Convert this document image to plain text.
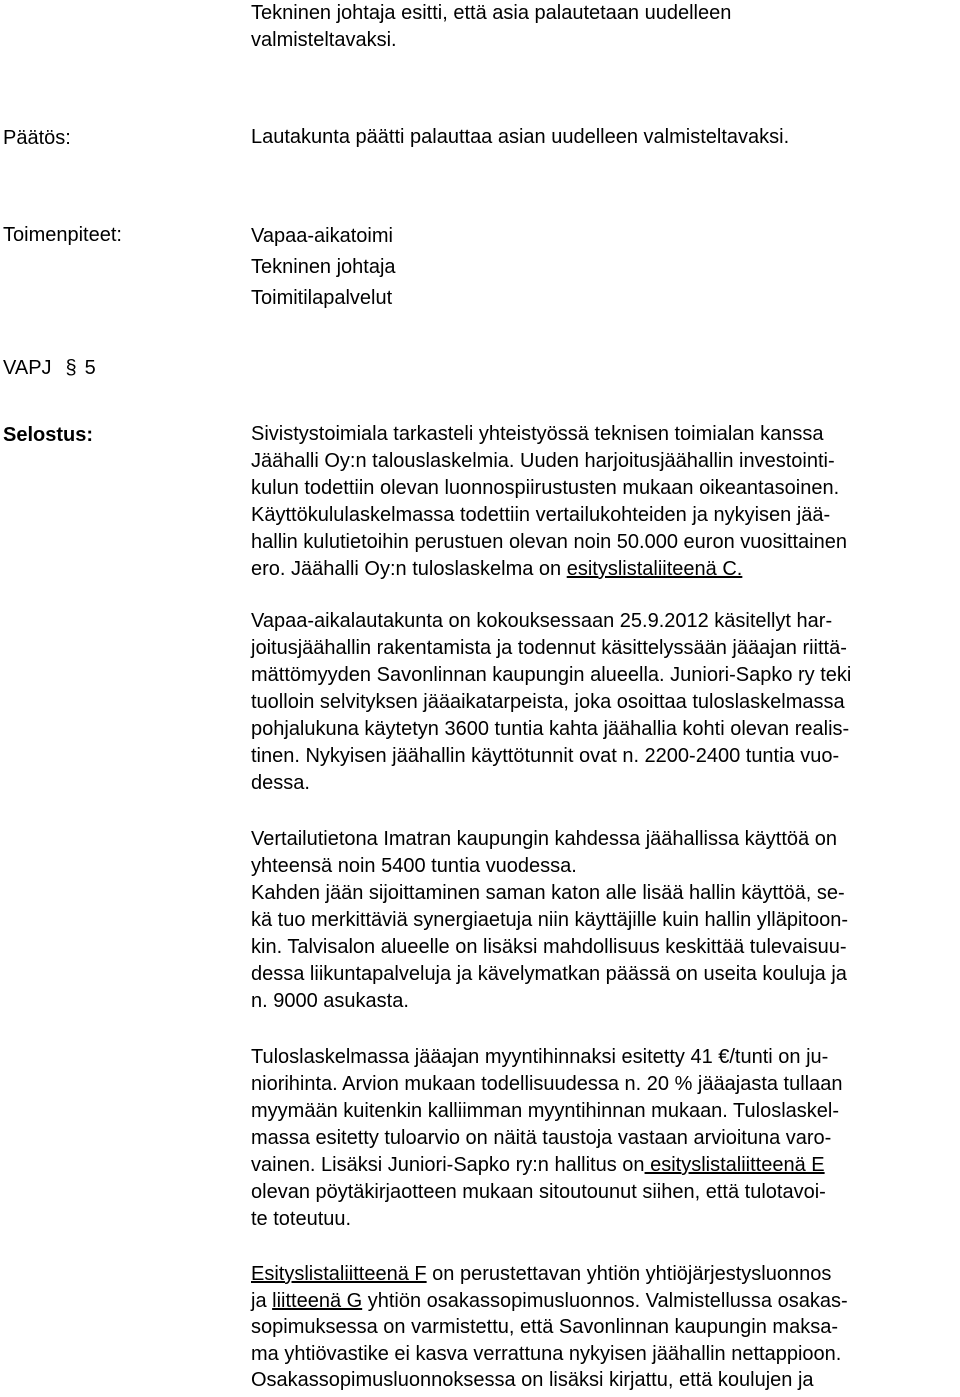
Tekninen johtaja esitti, että asia palautetaan uudelleen
valmisteltavaksi.
Päätös:	Lautakunta päätti palauttaa asian uudelleen valmisteltavaksi.
Toimenpiteet:	Vapaa-aikatoimi
Tekninen johtaja
Toimitilapalvelut
VAPJ § 5
Selostus:	Sivistystoimiala tarkasteli yhteistyössä teknisen toimialan kanssa
Jäähalli Oy:n talouslaskelmia. Uuden harjoitusjäähallin investointi-
kulun todettiin olevan luonnospiirustusten mukaan oikeantasoinen.
Käyttökululaskelmassa todettiin vertailukohteiden ja nykyisen jää-
hallin kulutietoihin perustuen olevan noin 50.000 euron vuosittainen
ero. Jäähalli Oy:n tuloslaskelma on esityslistaliiteenä C.
Vapaa-aikalautakunta on kokouksessaan 25.9.2012 käsitellyt har-
joitusjäähallin rakentamista ja todennut käsittelyssään jääajan riittä-
mättömyyden Savonlinnan kaupungin alueella. Juniori-Sapko ry teki
tuolloin selvityksen jääaikatarpeista, joka osoittaa tuloslaskelmassa
pohjalukuna käytetyn 3600 tuntia kahta jäähallia kohti olevan realis-
tinen. Nykyisen jäähallin käyttötunnit ovat n. 2200-2400 tuntia vuo-
dessa.
Vertailutietona Imatran kaupungin kahdessa jäähallissa käyttöä on
yhteensä noin 5400 tuntia vuodessa.
Kahden jään sijoittaminen saman katon alle lisää hallin käyttöä, se-
kä tuo merkittäviä synergiaetuja niin käyttäjille kuin hallin ylläpitoon-
kin. Talvisalon alueelle on lisäksi mahdollisuus keskittää tulevaisuu-
dessa liikuntapalveluja ja kävelymatkan päässä on useita kouluja ja
n. 9000 asukasta.
Tuloslaskelmassa jääajan myyntihinnaksi esitetty 41 €/tunti on ju-
niorihinta. Arvion mukaan todellisuudessa n. 20 % jääajasta tullaan
myymään kuitenkin kalliimman myyntihinnan mukaan. Tuloslaskel-
massa esitetty tuloarvio on näitä taustoja vastaan arvioituna varo-
vainen. Lisäksi Juniori-Sapko ry:n hallitus on esityslistaliitteenä E
olevan pöytäkirjaotteen mukaan sitoutounut siihen, että tulotavoi-
te toteutuu.
Esityslistaliitteenä F on perustettavan yhtiön yhtiöjärjestysluonnos
ja liitteenä G yhtiön osakassopimusluonnos. Valmistellussa osakas-
sopimuksessa on varmistettu, että Savonlinnan kaupungin maksa-
ma yhtiövastike ei kasva verrattuna nykyisen jäähallin nettappioon.
Osakassopimusluonnoksessa on lisäksi kirjattu, että koulujen ja
